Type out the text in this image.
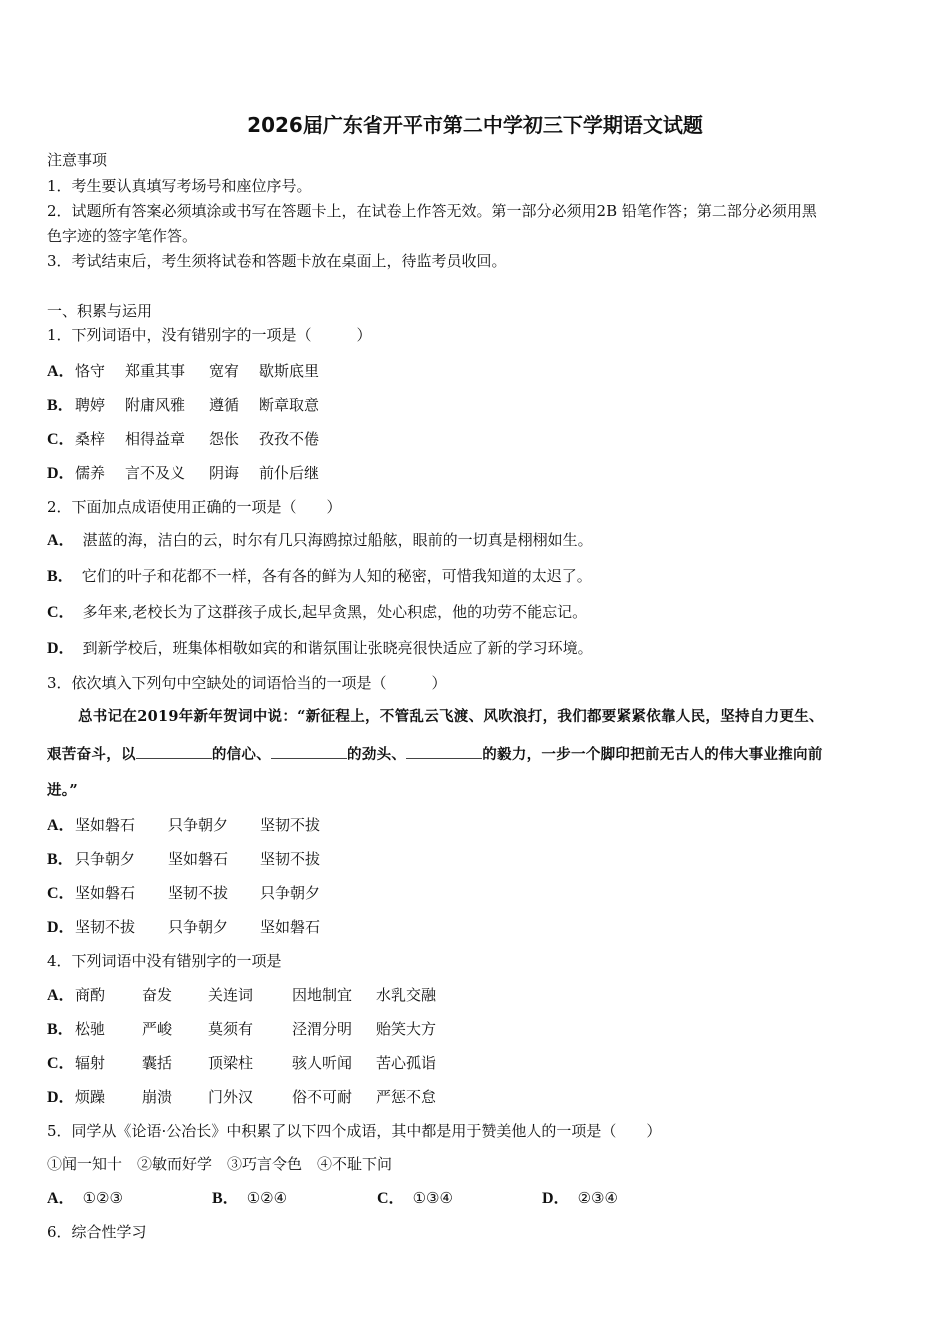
2026届广东省开平市第二中学初三下学期语文试题
注意事项
1．考生要认真填写考场号和座位序号。
2．试题所有答案必须填涂或书写在答题卡上，在试卷上作答无效。第一部分必须用2B 铅笔作答；第二部分必须用黑
色字迹的签字笔作答。
3．考试结束后，考生须将试卷和答题卡放在桌面上，待监考员收回。
一、积累与运用
1．下列词语中，没有错别字的一项是（　　　）
A． 恪守 郑重其事 宽宥 歇斯底里
B． 聘婷 附庸风雅 遵循 断章取意
C． 桑梓 相得益章 怨伥 孜孜不倦
D． 儒养 言不及义 阴诲 前仆后继
2．下面加点成语使用正确的一项是（　　）
A． 湛蓝的海，洁白的云，时尔有几只海鸥掠过船舷，眼前的一切真是栩栩如生。
B． 它们的叶子和花都不一样，各有各的鲜为人知的秘密，可惜我知道的太迟了。
C． 多年来,老校长为了这群孩子成长,起早贪黑，处心积虑，他的功劳不能忘记。
D． 到新学校后，班集体相敬如宾的和谐氛围让张晓亮很快适应了新的学习环境。
3．依次填入下列句中空缺处的词语恰当的一项是（　　　）
总书记在2019年新年贺词中说：“新征程上，不管乱云飞渡、风吹浪打，我们都要紧紧依靠人民，坚持自力更生、
艰苦奋斗，以	的信心、	的劲头、	的毅力，一步一个脚印把前无古人的伟大事业推向前
进。”
A． 坚如磐石 只争朝夕 坚韧不拔
B． 只争朝夕 坚如磐石 坚韧不拔
C． 坚如磐石 坚韧不拔 只争朝夕
D． 坚韧不拔 只争朝夕 坚如磐石
4．下列词语中没有错别字的一项是
A． 商酌 奋发 关连词	因地制宜 水乳交融
B． 松驰 严峻 莫须有	泾渭分明 贻笑大方
C． 辐射 囊括 顶梁柱	骇人听闻 苦心孤诣
D． 烦躁 崩溃 门外汉	俗不可耐 严惩不怠
5．同学从《论语·公冶长》中积累了以下四个成语，其中都是用于赞美他人的一项是（　　）
①闻一知十　②敏而好学　③巧言令色　④不耻下问
A． ①②③	B． ①②④	C． ①③④	D． ②③④
6．综合性学习
